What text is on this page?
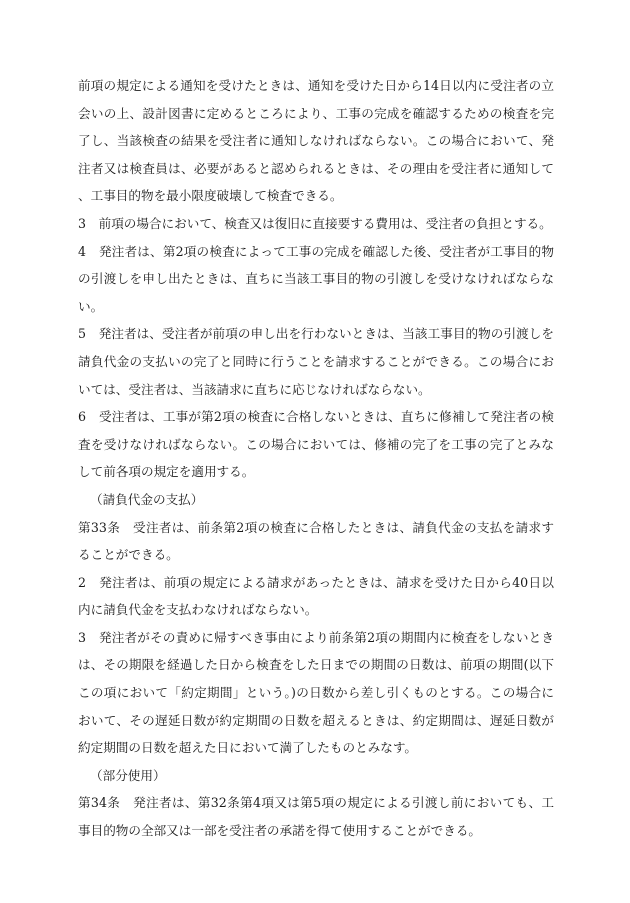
前項の規定による通知を受けたときは、通知を受けた日から14日以内に受注者の立会いの上、設計図書に定めるところにより、工事の完成を確認するための検査を完了し、当該検査の結果を受注者に通知しなければならない。この場合において、発注者又は検査員は、必要があると認められるときは、その理由を受注者に通知して、工事目的物を最小限度破壊して検査できる。

3　前項の場合において、検査又は復旧に直接要する費用は、受注者の負担とする。

4　発注者は、第2項の検査によって工事の完成を確認した後、受注者が工事目的物の引渡しを申し出たときは、直ちに当該工事目的物の引渡しを受けなければならない。

5　発注者は、受注者が前項の申し出を行わないときは、当該工事目的物の引渡しを請負代金の支払いの完了と同時に行うことを請求することができる。この場合においては、受注者は、当該請求に直ちに応じなければならない。

6　受注者は、工事が第2項の検査に合格しないときは、直ちに修補して発注者の検査を受けなければならない。この場合においては、修補の完了を工事の完了とみなして前各項の規定を適用する。

（請負代金の支払）

第33条　受注者は、前条第2項の検査に合格したときは、請負代金の支払を請求することができる。

2　発注者は、前項の規定による請求があったときは、請求を受けた日から40日以内に請負代金を支払わなければならない。

3　発注者がその責めに帰すべき事由により前条第2項の期間内に検査をしないときは、その期限を経過した日から検査をした日までの期間の日数は、前項の期間(以下この項において「約定期間」という。)の日数から差し引くものとする。この場合において、その遅延日数が約定期間の日数を超えるときは、約定期間は、遅延日数が約定期間の日数を超えた日において満了したものとみなす。

（部分使用）

第34条　発注者は、第32条第4項又は第5項の規定による引渡し前においても、工事目的物の全部又は一部を受注者の承諾を得て使用することができる。
